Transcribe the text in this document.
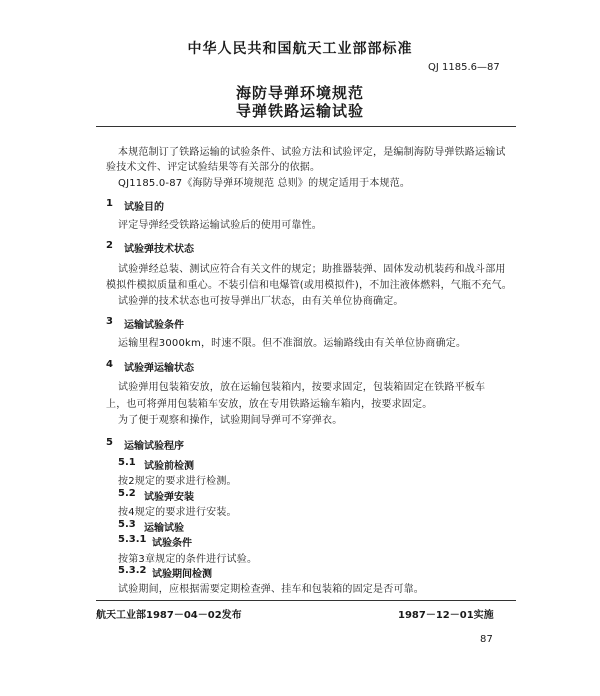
中华人民共和国航天工业部部标准
QJ 1185.6—87
海防导弹环境规范
导弹铁路运输试验
本规范制订了铁路运输的试验条件、试验方法和试验评定，是编制海防导弹铁路运输试
验技术文件、评定试验结果等有关部分的依据。
QJ1185.0-87《海防导弹环境规范 总则》的规定适用于本规范。
1 试验目的
评定导弹经受铁路运输试验后的使用可靠性。
2 试验弹技术状态
试验弹经总装、测试应符合有关文件的规定；助推器装弹、固体发动机装药和战斗部用
模拟件模拟质量和重心。不装引信和电爆管(或用模拟件)，不加注液体燃料，气瓶不充气。
试验弹的技术状态也可按导弹出厂状态，由有关单位协商确定。
3 运输试验条件
运输里程3000km，时速不限。但不准溜放。运输路线由有关单位协商确定。
4 试验弹运输状态
试验弹用包装箱安放，放在运输包装箱内，按要求固定，包装箱固定在铁路平板车
上，也可将弹用包装箱车安放，放在专用铁路运输车箱内，按要求固定。
为了便于观察和操作，试验期间导弹可不穿弹衣。
5 运输试验程序
5.1 试验前检测
按2规定的要求进行检测。
5.2 试验弹安装
按4规定的要求进行安装。
5.3 运输试验
5.3.1 试验条件
按第3章规定的条件进行试验。
5.3.2 试验期间检测
试验期间，应根据需要定期检查弹、挂车和包装箱的固定是否可靠。
航天工业部1987－04－02发布	1987－12－01实施
87
